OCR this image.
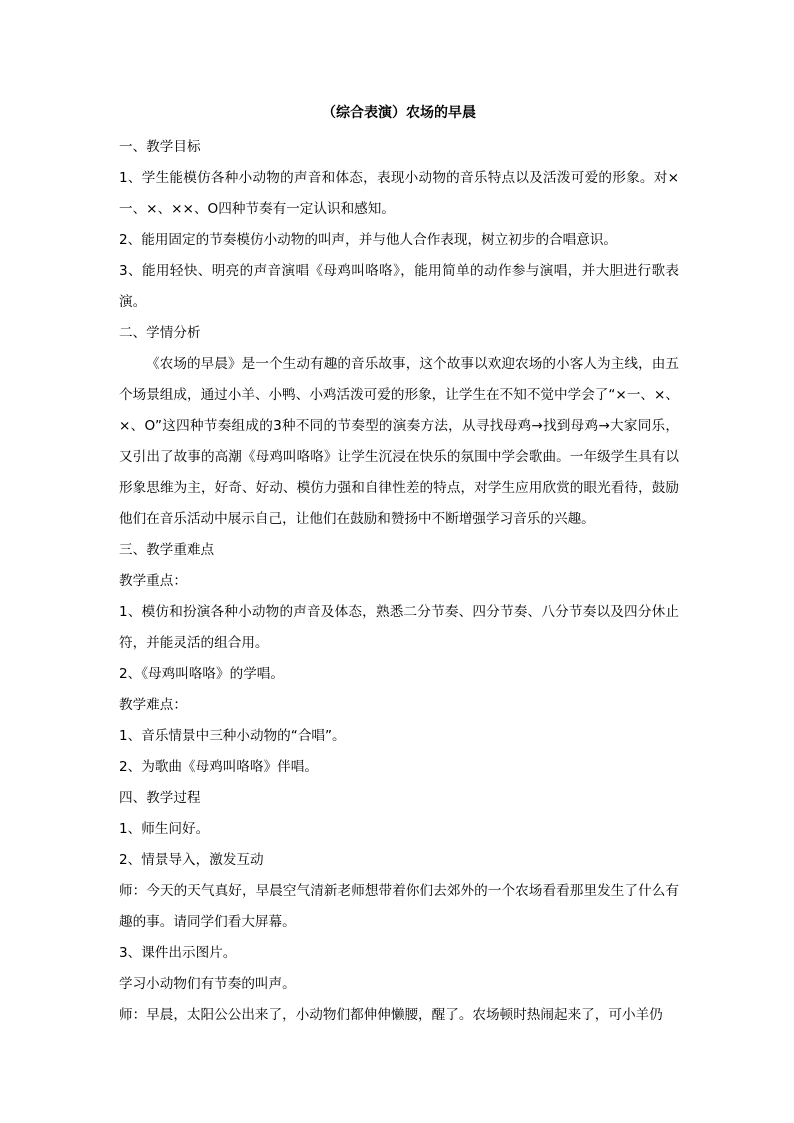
（综合表演）农场的早晨

一、教学目标

1、学生能模仿各种小动物的声音和体态，表现小动物的音乐特点以及活泼可爱的形象。对×一、×、××、O四种节奏有一定认识和感知。

2、能用固定的节奏模仿小动物的叫声，并与他人合作表现，树立初步的合唱意识。

3、能用轻快、明亮的声音演唱《母鸡叫咯咯》，能用简单的动作参与演唱，并大胆进行歌表演。

二、学情分析

《农场的早晨》是一个生动有趣的音乐故事，这个故事以欢迎农场的小客人为主线，由五个场景组成，通过小羊、小鸭、小鸡活泼可爱的形象，让学生在不知不觉中学会了“×一、×、×、O”这四种节奏组成的3种不同的节奏型的演奏方法，从寻找母鸡→找到母鸡→大家同乐，又引出了故事的高潮《母鸡叫咯咯》让学生沉浸在快乐的氛围中学会歌曲。一年级学生具有以形象思维为主，好奇、好动、模仿力强和自律性差的特点，对学生应用欣赏的眼光看待，鼓励他们在音乐活动中展示自己，让他们在鼓励和赞扬中不断增强学习音乐的兴趣。

三、教学重难点

教学重点：

1、模仿和扮演各种小动物的声音及体态，熟悉二分节奏、四分节奏、八分节奏以及四分休止符，并能灵活的组合用。

2、《母鸡叫咯咯》的学唱。

教学难点：

1、音乐情景中三种小动物的“合唱”。

2、为歌曲《母鸡叫咯咯》伴唱。

四、教学过程

1、师生问好。

2、情景导入，激发互动

师：今天的天气真好，早晨空气清新老师想带着你们去郊外的一个农场看看那里发生了什么有趣的事。请同学们看大屏幕。

3、课件出示图片。

学习小动物们有节奏的叫声。

师：早晨，太阳公公出来了，小动物们都伸伸懒腰，醒了。农场顿时热闹起来了，可小羊仍
